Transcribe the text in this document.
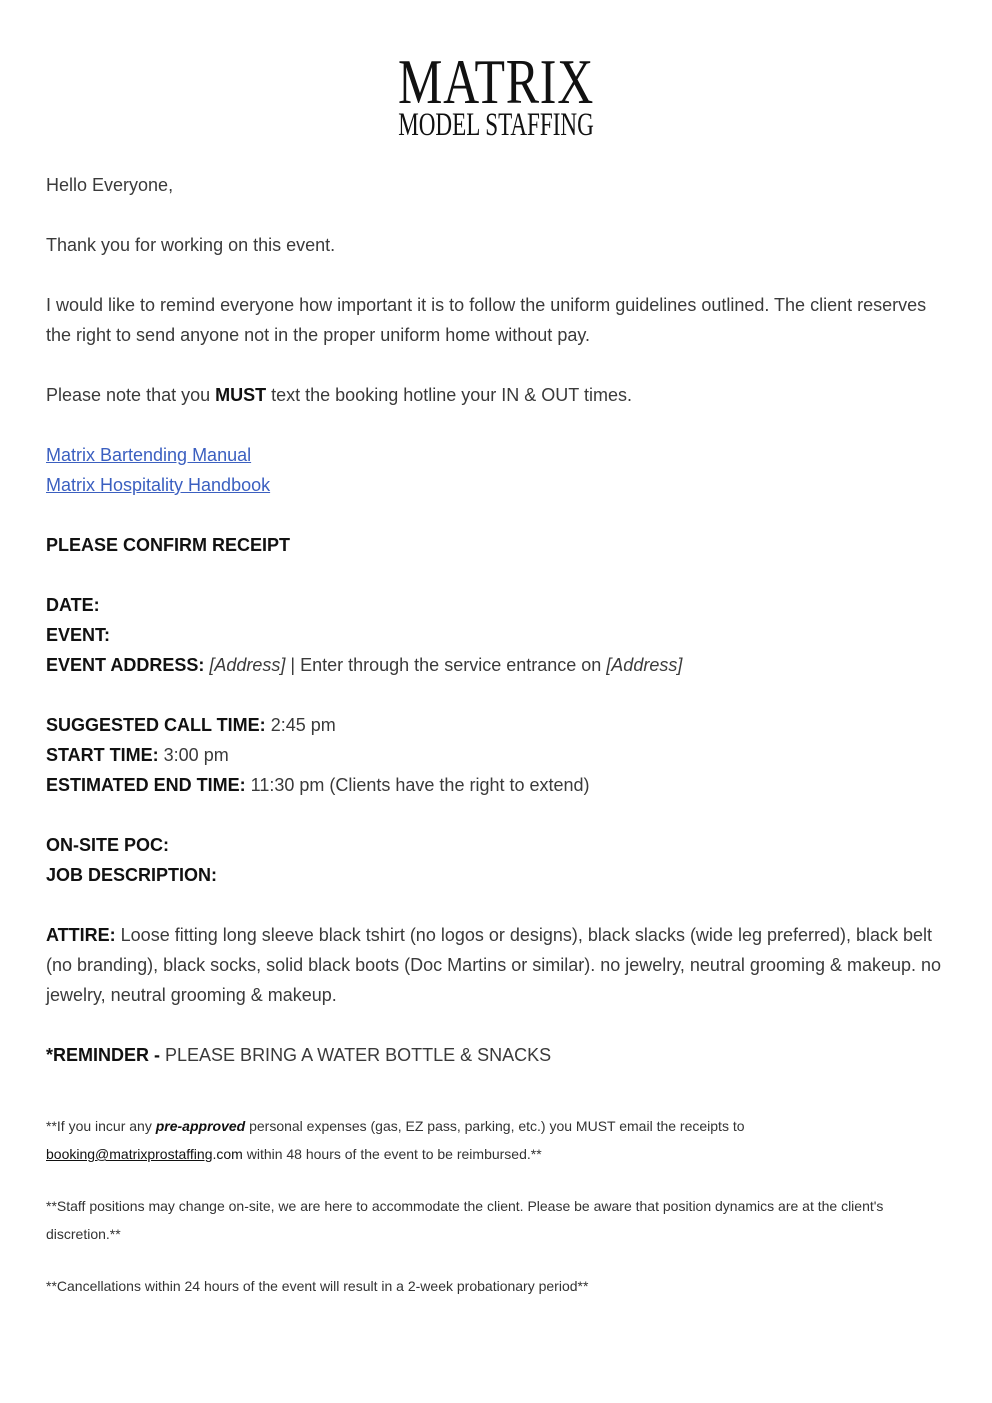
MATRIX
MODEL STAFFING

Hello Everyone,

Thank you for working on this event.

I would like to remind everyone how important it is to follow the uniform guidelines outlined. The client reserves the right to send anyone not in the proper uniform home without pay.

Please note that you MUST text the booking hotline your IN & OUT times.

Matrix Bartending Manual

Matrix Hospitality Handbook

PLEASE CONFIRM RECEIPT

DATE:

EVENT:

EVENT ADDRESS: [Address] | Enter through the service entrance on [Address]

SUGGESTED CALL TIME: 2:45 pm

START TIME: 3:00 pm

ESTIMATED END TIME: 11:30 pm (Clients have the right to extend)

ON-SITE POC:

JOB DESCRIPTION:

ATTIRE: Loose fitting long sleeve black tshirt (no logos or designs), black slacks (wide leg preferred), black belt (no branding), black socks, solid black boots (Doc Martins or similar). no jewelry, neutral grooming & makeup. no jewelry, neutral grooming & makeup.

*REMINDER - PLEASE BRING A WATER BOTTLE & SNACKS

**If you incur any pre-approved personal expenses (gas, EZ pass, parking, etc.) you MUST email the receipts to
booking@matrixprostaffing.com within 48 hours of the event to be reimbursed.**

**Staff positions may change on-site, we are here to accommodate the client. Please be aware that position dynamics are at the client's discretion.**

**Cancellations within 24 hours of the event will result in a 2-week probationary period**
